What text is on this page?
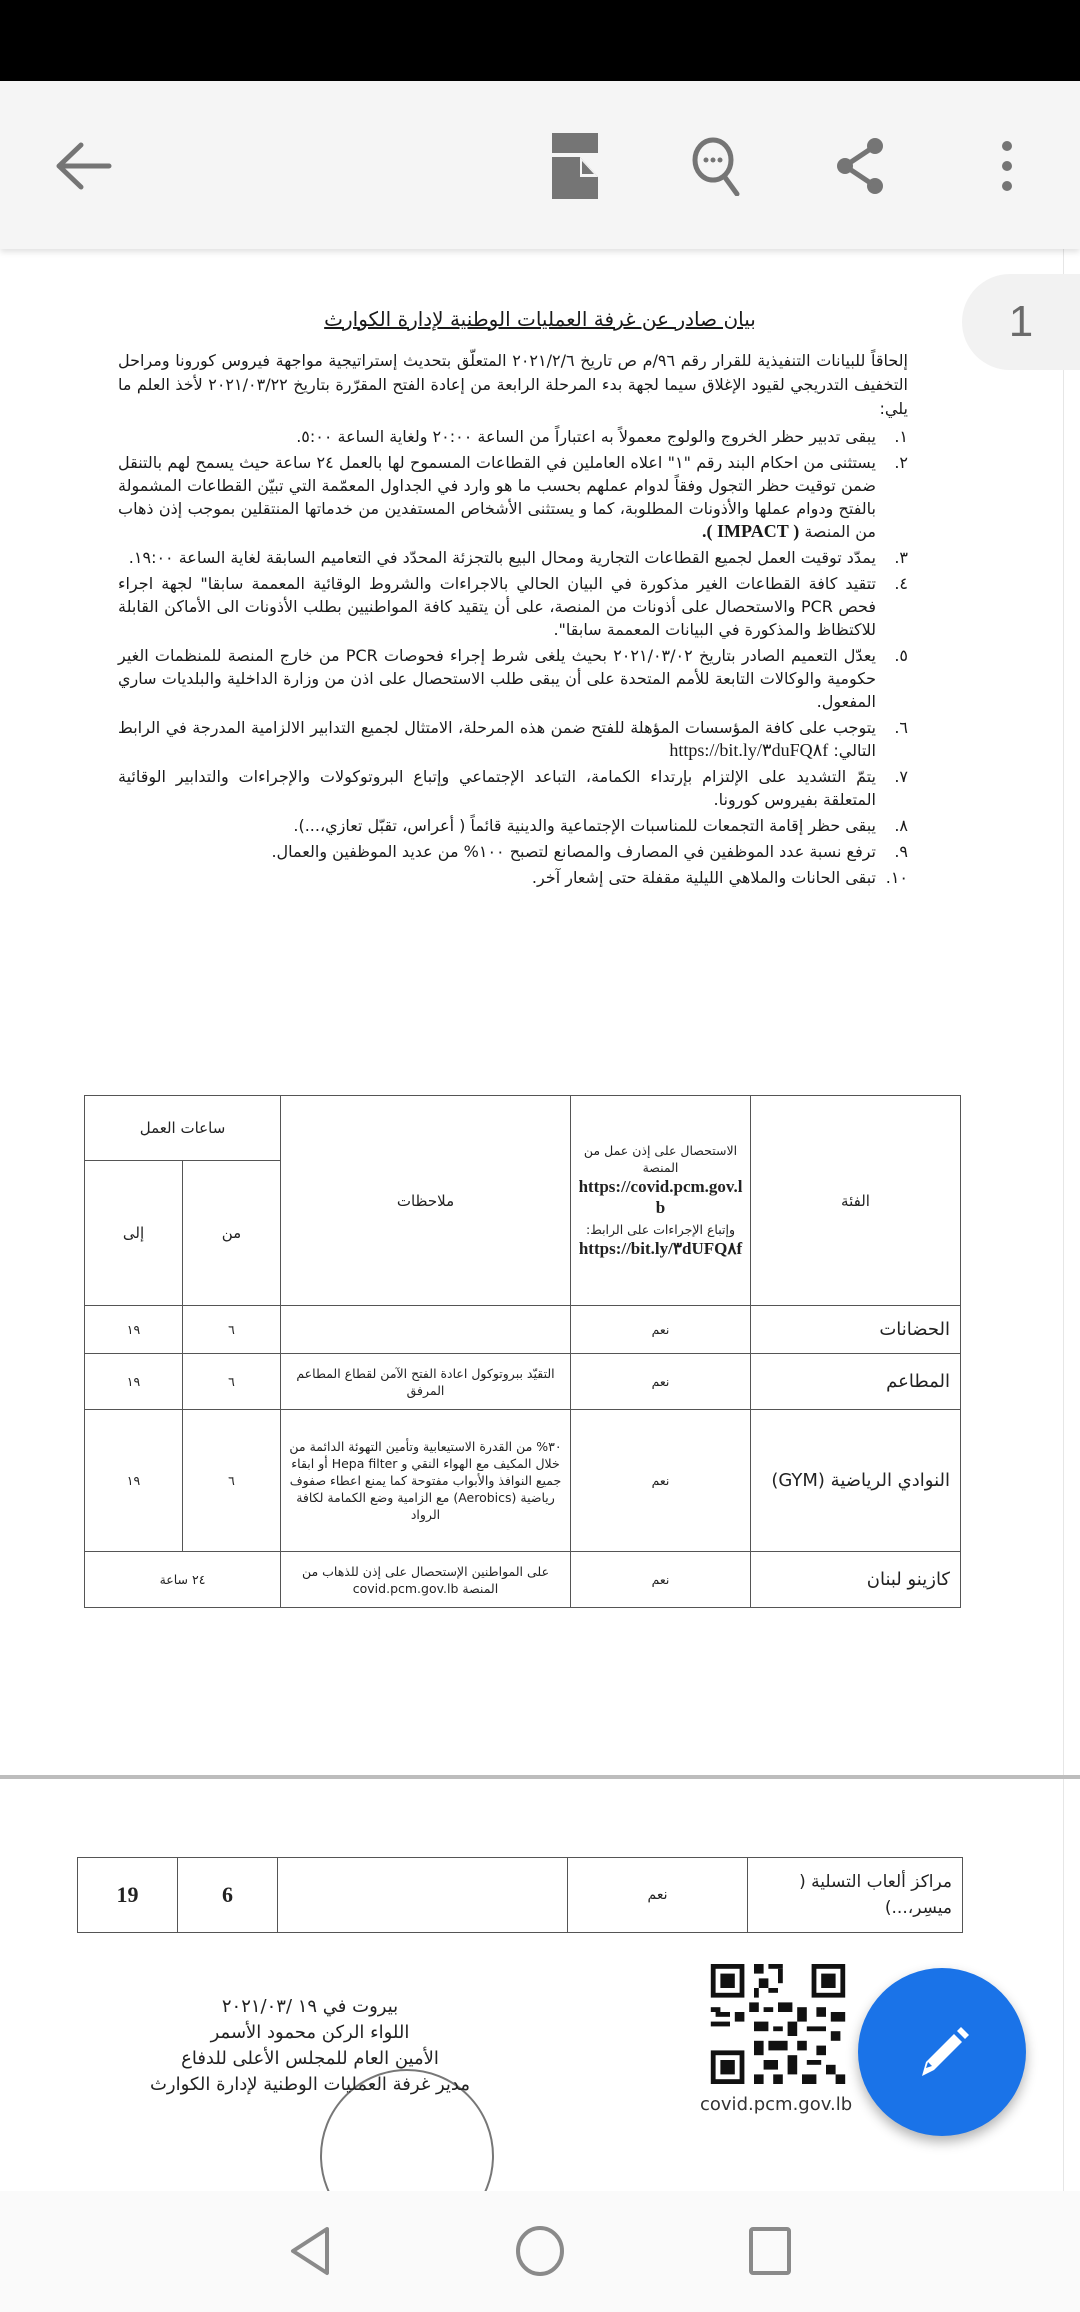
1
بيان صادر عن غرفة العمليات الوطنية لإدارة الكوارث
إلحاقاً للبيانات التنفيذية للقرار رقم ٩٦/م ص تاريخ ٢٠٢١/٢/٦ المتعلّق بتحديث إستراتيجية مواجهة فيروس كورونا ومراحل التخفيف التدريجي لقيود الإغلاق سيما لجهة بدء المرحلة الرابعة من إعادة الفتح المقرّرة بتاريخ ٢٠٢١/٠٣/٢٢ لأخذ العلم ما يلي:
١.
يبقى تدبير حظر الخروج والولوج معمولاً به اعتباراً من الساعة ٢٠:٠٠ ولغاية الساعة ٥:٠٠.
٢.
يستثنى من احكام البند رقم "١" اعلاه العاملين في القطاعات المسموح لها بالعمل ٢٤ ساعة حيث يسمح لهم بالتنقل ضمن توقيت حظر التجول وفقاً لدوام عملهم بحسب ما هو وارد في الجداول المعمّمة التي تبيّن القطاعات المشمولة بالفتح ودوام عملها والأذونات المطلوبة، كما و يستثنى الأشخاص المستفدين من خدماتها المنتقلين بموجب إذن ذهاب من المنصة ( IMPACT ).
٣.
يمدّد توقيت العمل لجميع القطاعات التجارية ومحال البيع بالتجزئة المحدّد في التعاميم السابقة لغاية الساعة ١٩:٠٠.
٤.
تتقيد كافة القطاعات الغير مذكورة في البيان الحالي بالاجراءات والشروط الوقائية المعممة سابقا" لجهة اجراء فحص PCR والاستحصال على أذونات من المنصة، على أن يتقيد كافة المواطنيين بطلب الأذونات الى الأماكن القابلة للاكتظاظ والمذكورة في البيانات المعممة سابقا".
٥.
يعدّل التعميم الصادر بتاريخ ٢٠٢١/٠٣/٠٢ بحيث يلغى شرط إجراء فحوصات PCR من خارج المنصة للمنظمات الغير حكومية والوكالات التابعة للأمم المتحدة على أن يبقى طلب الاستحصال على اذن من وزارة الداخلية والبلديات ساري المفعول.
٦.
يتوجب على كافة المؤسسات المؤهلة للفتح ضمن هذه المرحلة، الامتثال لجميع التدابير الالزامية المدرجة في الرابط التالي: https://bit.ly/٣duFQ٨f
٧.
يتمّ التشديد على الإلتزام بإرتداء الكمامة، التباعد الإجتماعي وإتباع البروتوكولات والإجراءات والتدابير الوقائية المتعلقة بفيروس كورونا.
٨.
يبقى حظر إقامة التجمعات للمناسبات الإجتماعية والدينية قائماً ( أعراس، تقبّل تعازي،...).
٩.
ترفع نسبة عدد الموظفين في المصارف والمصانع لتصبح ١٠٠% من عديد الموظفين والعمال.
١٠.
تبقى الحانات والملاهي الليلية مقفلة حتى إشعار آخر.
الفئة	الاستحصال على إذن عمل من المنصة
https://covid.pcm.gov.lb
وإتباع الإجراءات على الرابط:
https://bit.ly/٣dUFQ٨f	ملاحظات	ساعات العمل	
			من	إلى
الحضانات	نعم		٦	١٩
المطاعم	نعم	التقيّد ببروتوكول اعادة الفتح الآمن لقطاع المطاعم المرفق	٦	١٩
النوادي الرياضية (GYM)	نعم	٣٠% من القدرة الاستيعابية وتأمين التهوئة الدائمة من خلال المكيف مع الهواء النقي و Hepa filter أو ابقاء جميع النوافذ والأبواب مفتوحة كما يمنع اعطاء صفوف رياضية (Aerobics) مع الزامية وضع الكمامة لكافة الرواد	٦	١٩
كازينو لبنان	نعم	على المواطنين الإستحصال على إذن للذهاب من المنصة covid.pcm.gov.lb	٢٤ ساعة	
مراكز ألعاب التسلية ( ميسِر،...)	نعم		6	19
بيروت في ١٩ /٢٠٢١/٠٣
اللواء الركن محمود الأسمر
الأمين العام للمجلس الأعلى للدفاع
مدير غرفة العمليات الوطنية لإدارة الكوارث
covid.pcm.gov.lb
